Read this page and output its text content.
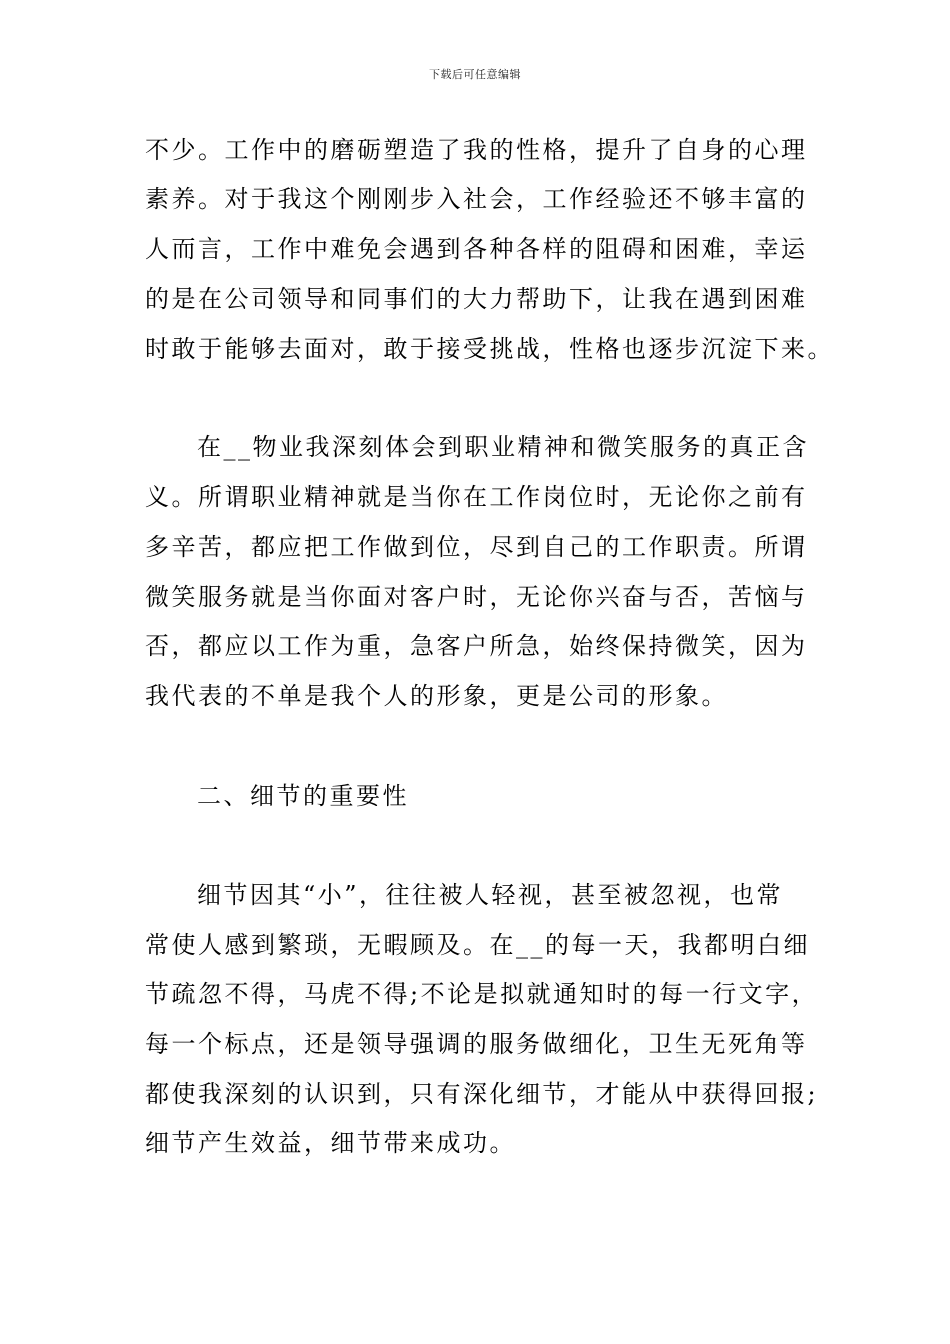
下载后可任意编辑
不少。工作中的磨砺塑造了我的性格，提升了自身的心理
素养。对于我这个刚刚步入社会，工作经验还不够丰富的
人而言，工作中难免会遇到各种各样的阻碍和困难，幸运
的是在公司领导和同事们的大力帮助下，让我在遇到困难
时敢于能够去面对，敢于接受挑战，性格也逐步沉淀下来。
在__物业我深刻体会到职业精神和微笑服务的真正含
义。所谓职业精神就是当你在工作岗位时，无论你之前有
多辛苦，都应把工作做到位，尽到自己的工作职责。所谓
微笑服务就是当你面对客户时，无论你兴奋与否，苦恼与
否，都应以工作为重，急客户所急，始终保持微笑，因为
我代表的不单是我个人的形象，更是公司的形象。
二、细节的重要性
细节因其“小”，往往被人轻视，甚至被忽视，也常
常使人感到繁琐，无暇顾及。在__的每一天，我都明白细
节疏忽不得，马虎不得;不论是拟就通知时的每一行文字，
每一个标点，还是领导强调的服务做细化，卫生无死角等
都使我深刻的认识到，只有深化细节，才能从中获得回报;
细节产生效益，细节带来成功。
